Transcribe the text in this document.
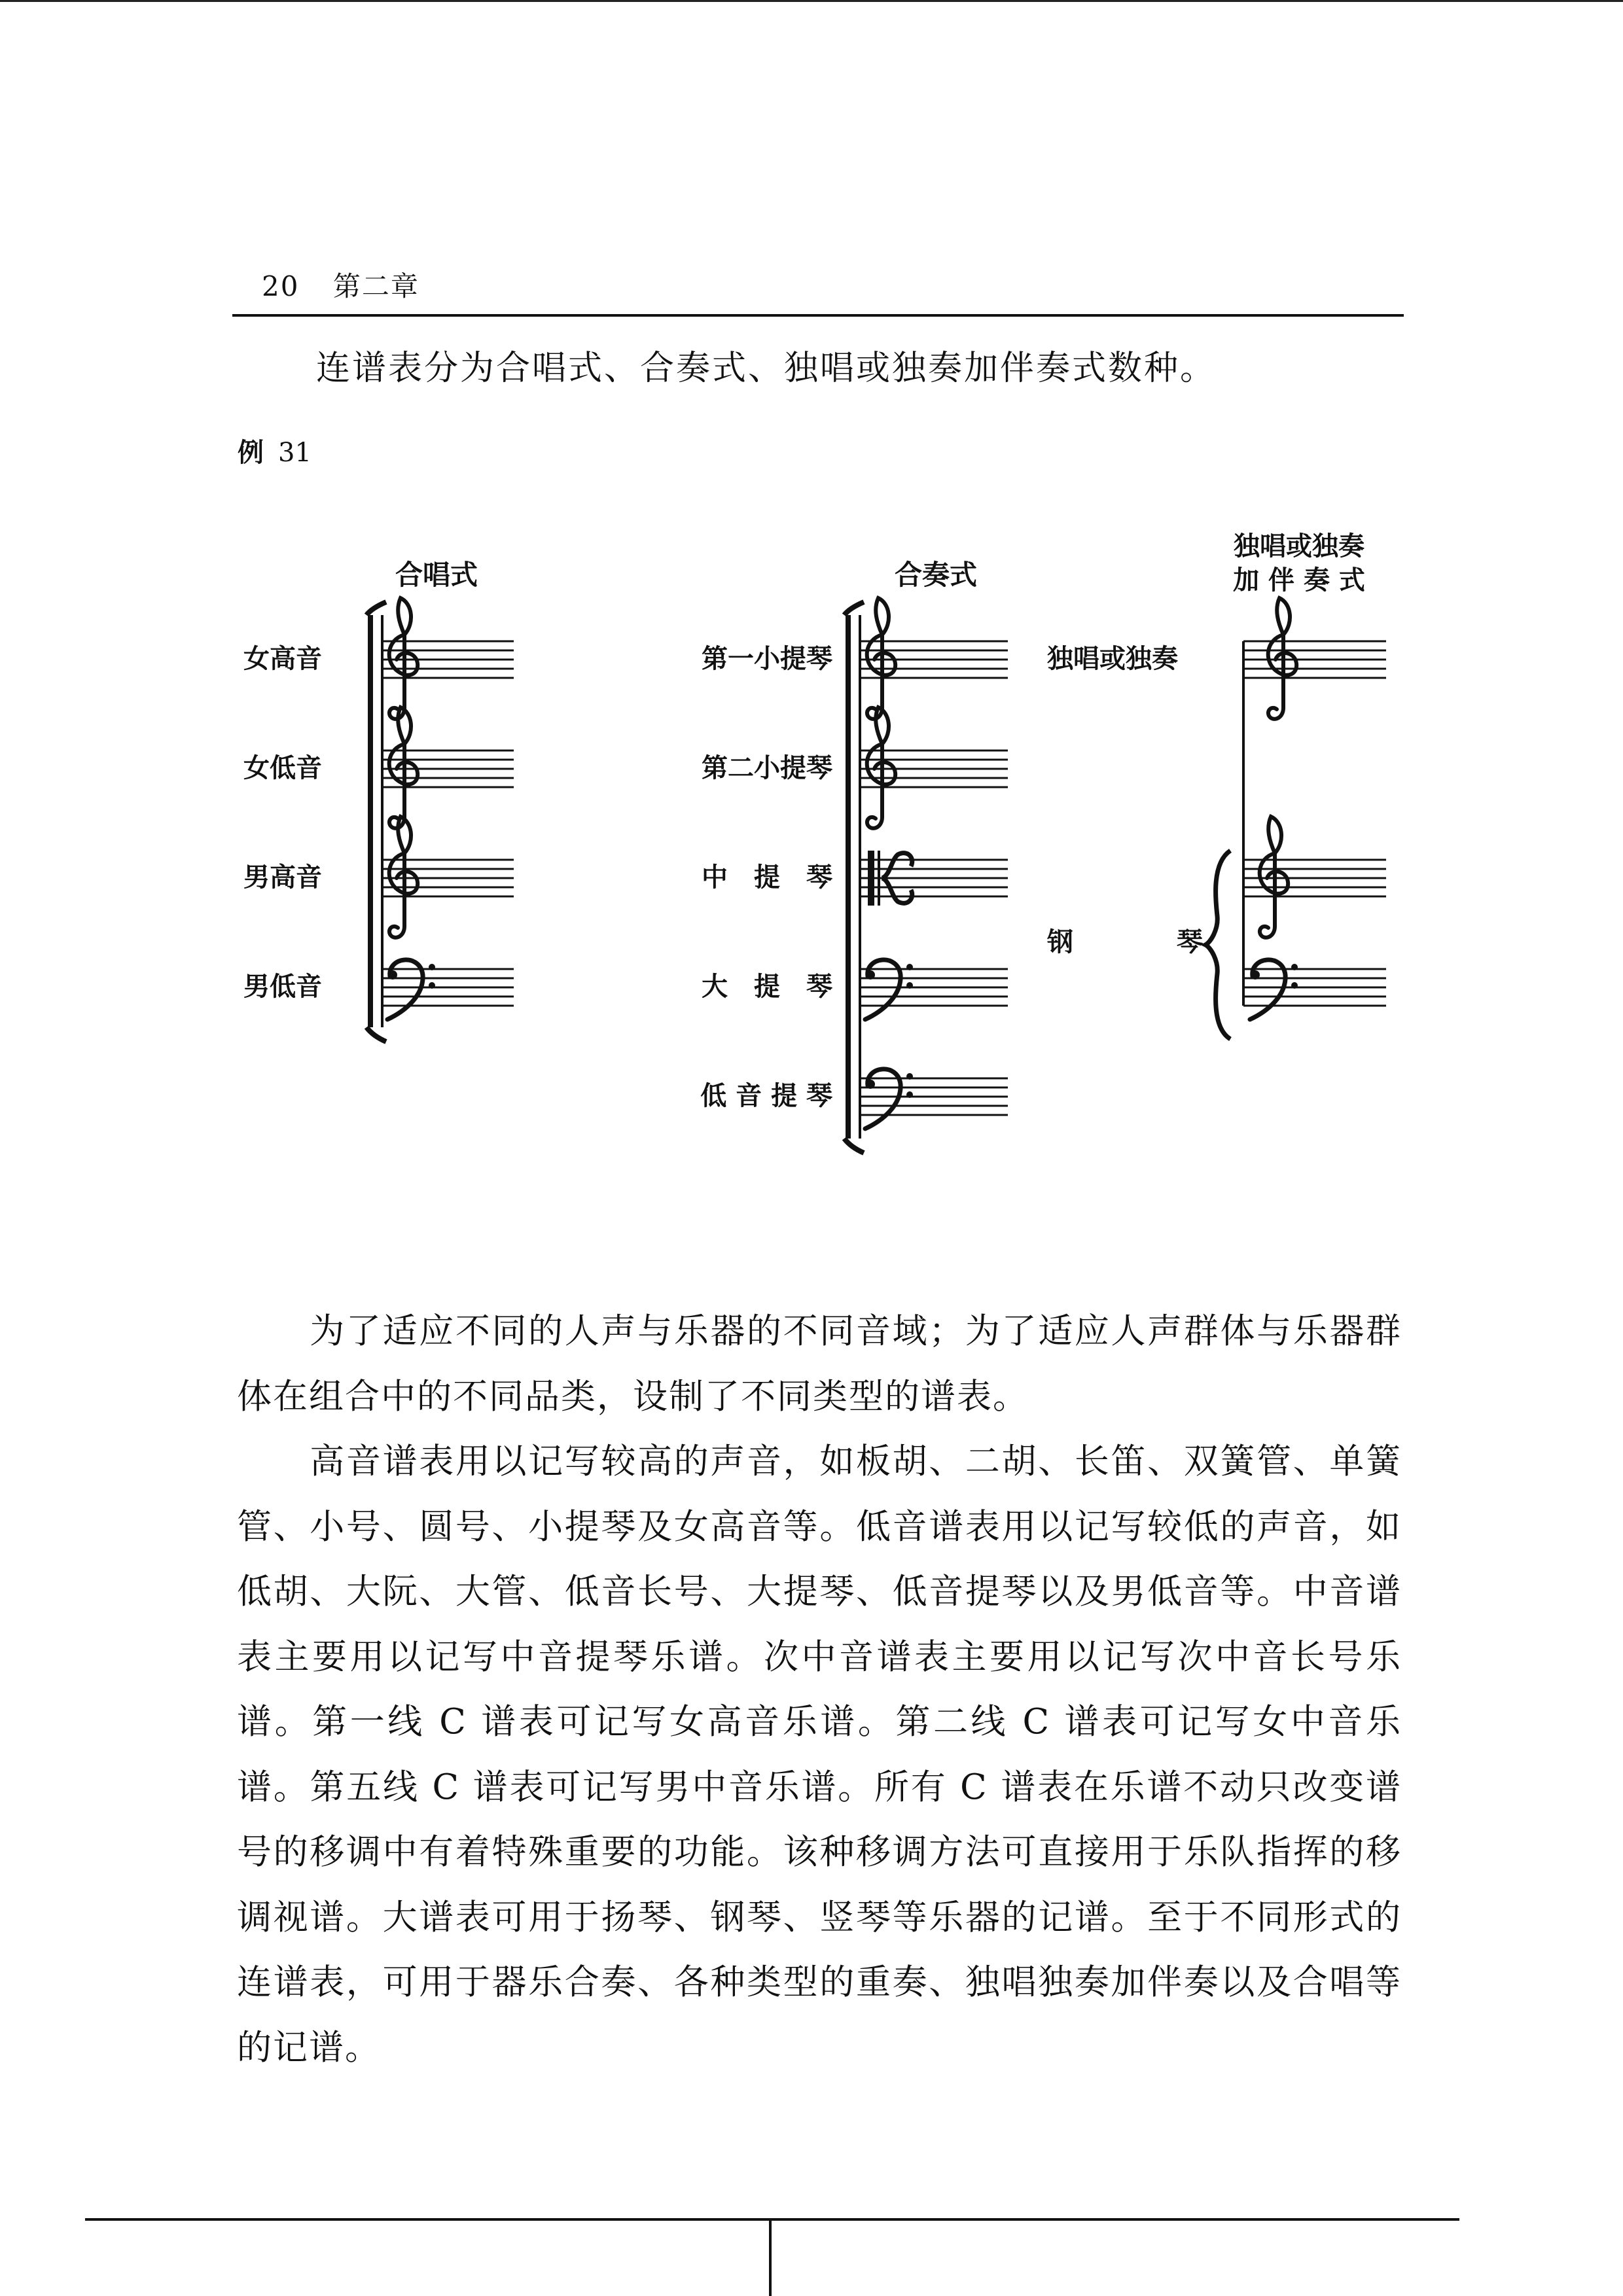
20 第二章
连谱表分为合唱式、合奏式、独唱或独奏加伴奏式数种。
例 31
合唱式	合奏式
独唱或独奏
加 伴 奏 式
女高音
女低音
男高音
男低音
第一小提琴
第二小提琴
中　提　琴
大　提　琴
低 音 提 琴
独唱或独奏
钢	琴

　　为了适应不同的人声与乐器的不同音域；为了适应人声群体与乐器群体在组合中的不同品类，设制了不同类型的谱表。

　　高音谱表用以记写较高的声音，如板胡、二胡、长笛、双簧管、单簧管、小号、圆号、小提琴及女高音等。低音谱表用以记写较低的声音，如低胡、大阮、大管、低音长号、大提琴、低音提琴以及男低音等。中音谱表主要用以记写中音提琴乐谱。次中音谱表主要用以记写次中音长号乐谱。第一线 C 谱表可记写女高音乐谱。第二线 C 谱表可记写女中音乐谱。第五线 C 谱表可记写男中音乐谱。所有 C 谱表在乐谱不动只改变谱号的移调中有着特殊重要的功能。该种移调方法可直接用于乐队指挥的移调视谱。大谱表可用于扬琴、钢琴、竖琴等乐器的记谱。至于不同形式的连谱表，可用于器乐合奏、各种类型的重奏、独唱独奏加伴奏以及合唱等的记谱。
